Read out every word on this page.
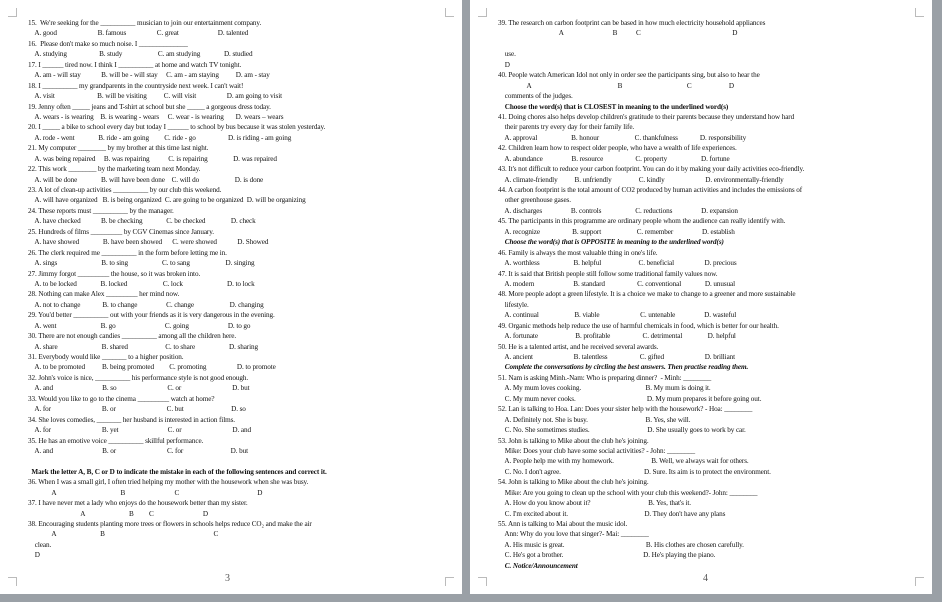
15.  We're seeking for the __________ musician to join our entertainment company.
A. good                        B. famous                  C. great                       D. talented
16.  Please don't make so much noise. I ______________
A. studying                   B. study                     C. am studying              D. studied
17. I ______ tired now. I think I __________ at home and watch TV tonight.
A. am - will stay            B. will be - will stay     C. am - am staying          D. am - stay
18. I __________ my grandparents in the countryside next week. I can't wait!
A. visit                         B. will be visiting          C. will visit                  D. am going to visit
19. Jenny often _____ jeans and T-shirt at school but she _____ a gorgeous dress today.
A. wears - is wearing    B. is wearing - wears     C. wear - is wearing       D. wears – wears
20. I _____ a bike to school every day but today I ______ to school by bus because it was stolen yesterday.
A. rode - went              B. ride - am going         C. ride - go                   D. is riding - am going
21. My computer ________ by my brother at this time last night.
A. was being repaired     B. was repairing           C. is repairing               D. was repaired
22. This work ________ by the marketing team next Monday.
A. will be done              B. will have been done    C. will do                     D. is done
23. A lot of clean-up activities __________ by our club this weekend.
A. will have organized   B. is being organized  C. are going to be organized  D. will be organizing
24. These reports must __________ by the manager.
A. have checked            B. be checking              C. be checked               D. check
25. Hundreds of films _________ by CGV Cinemas since January.
A. have showed              B. have been showed      C. were showed            D. Showed
26. The clerk required me __________ in the form before letting me in.
A. sings                          B. to sing                    C. to sang                     D. singing
27. Jimmy forgot _________ the house, so it was broken into.
A. to be locked              B. locked                     C. lock                          D. to lock
28. Nothing can make Alex _________ her mind now.
A. not to change             B. to change                 C. change                     D. changing
29. You'd better __________ out with your friends as it is very dangerous in the evening.
A. went                          B. go                             C. going                       D. to go
30. There are not enough candies __________ among all the children here.
A. share                          B. shared                      C. to share                    D. sharing
31. Everybody would like _______ to a higher position.
A. to be promoted          B. being promoted         C. promoting                  D. to promote
32. John's voice is nice, __________ his performance style is not good enough.
A. and                             B. so                              C. or                              D. but
33. Would you like to go to the cinema _________ watch at home?
A. for                              B. or                              C. but                            D. so
34. She loves comedies, _______ her husband is interested in action films.
A. for                              B. yet                             C. or                              D. and
35. He has an emotive voice __________ skillful performance.
A. and                             B. or                              C. for                            D. but
Mark the letter A, B, C or D to indicate the mistake in each of the following sentences and correct it.
36. When I was a small girl, I often tried helping my mother with the housework when she was busy.
A                                      B                             C                                              D
37. I have never met a lady who enjoys do the housework better than my sister.
A                          B         C                             D
38. Encouraging students planting more trees or flowers in schools helps reduce CO₂ and make the air
A                          B                                                                C
clean.
D
3
39. The research on carbon footprint can be based in how much electricity household appliances
A                             B           C                                                      D
use.
D
40. People watch American Idol not only in order see the participants sing, but also to hear the
A                                                   B                                      C                      D
comments of the judges.
Choose the word(s) that is CLOSEST in meaning to the underlined word(s)
41. Doing chores also helps develop children's gratitude to their parents because they understand how hard
their parents try every day for their family life.
A. approval                    B. honour                     C. thankfulness             D. responsibility
42. Children learn how to respect older people, who have a wealth of life experiences.
A. abundance                 B. resource                   C. property                    D. fortune
43. It's not difficult to reduce your carbon footprint. You can do it by making your daily activities eco-friendly.
A. climate-friendly          B. unfriendly                C. kindly                        D. environmentally-friendly
44. A carbon footprint is the total amount of CO2 produced by human activities and includes the emissions of
other greenhouse gases.
A. discharges                 B. controls                    C. reductions                 D. expansion
45. The participants in this programme are ordinary people whom the audience can really identify with.
A. recognize                   B. support                     C. remember                 D. establish
Choose the word(s) that is OPPOSITE in meaning to the underlined word(s)
46. Family is always the most valuable thing in one's life.
A. worthless                    B. helpful                      C. beneficial                  D. precious
47. It is said that British people still follow some traditional family values now.
A. modern                       B. standard                   C. conventional              D. unusual
48. More people adopt a green lifestyle. It is a choice we make to change to a greener and more sustainable
lifestyle.
A. continual                     B. viable                        C. untenable                 D. wasteful
49. Organic methods help reduce the use of harmful chemicals in food, which is better for our health.
A. fortunate                      B. profitable                   C. detrimental               D. helpful
50. He is a talented artist, and he received several awards.
A. ancient                        B. talentless                   C. gifted                        D. brilliant
Complete the conversations by circling the best answers. Then practise reading them.
51. Nam is asking Minh.-Nam: Who is preparing dinner?  - Minh: ________
A. My mum loves cooking.                                      B. My mum is doing it.
C. My mum never cooks.                                          D. My mum prepares it before going out.
52. Lan is talking to Hoa. Lan: Does your sister help with the housework? - Hoa: ________
A. Definitely not. She is busy.                                  B. Yes, she will.
C. No. She sometimes studies.                                  D. She usually goes to work by car.
53. John is talking to Mike about the club he's joining.
Mike: Does your club have some social activities? - John: ________
A. People help me with my homework.                      B. Well, we always wait for others.
C. No. I don't agree.                                                 D. Sure. Its aim is to protect the environment.
54. John is talking to Mike about the club he's joining.
Mike: Are you going to clean up the school with your club this weekend?- John: ________
A. How do you know about it?                                  B. Yes, that's it.
C. I'm excited about it.                                             D. They don't have any plans
55. Ann is talking to Mai about the music idol.
Ann: Why do you love that singer?- Mai: ________
A. His music is great.                                                B. His clothes are chosen carefully.
C. He's got a brother.                                               D. He's playing the piano.
C. Notice/Announcement
4
